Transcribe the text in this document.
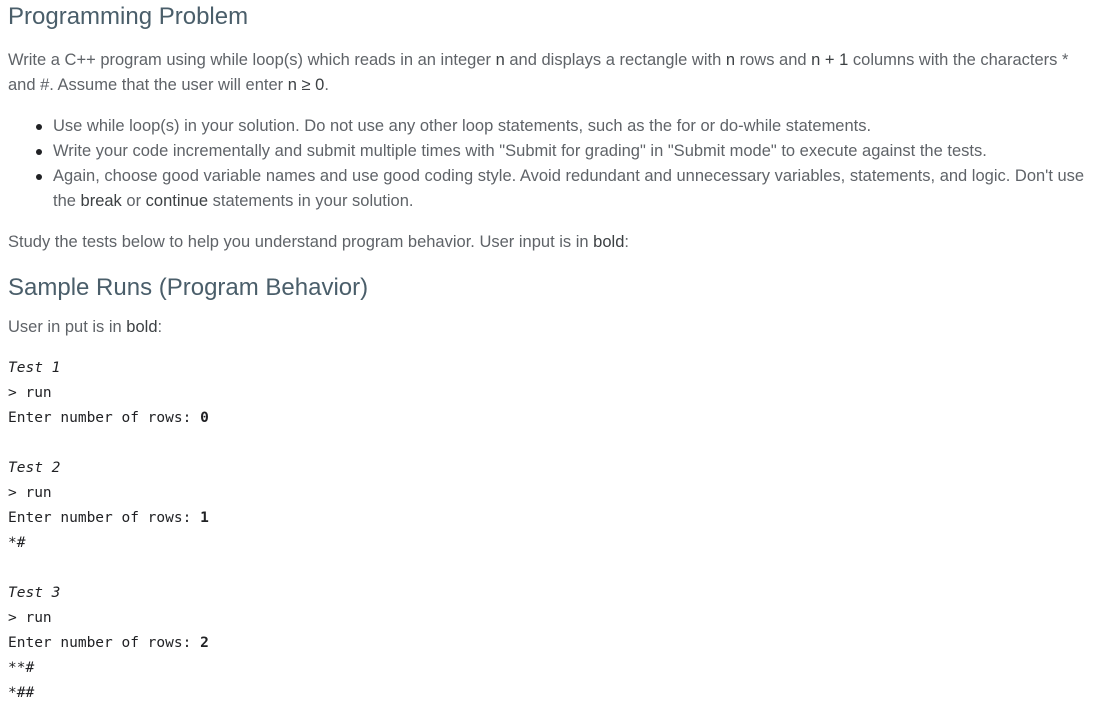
Programming Problem

Write a C++ program using while loop(s) which reads in an integer n and displays a rectangle with n rows and n + 1 columns with the characters * and #. Assume that the user will enter n ≥ 0.

Use while loop(s) in your solution. Do not use any other loop statements, such as the for or do-while statements.
Write your code incrementally and submit multiple times with "Submit for grading" in "Submit mode" to execute against the tests.
Again, choose good variable names and use good coding style. Avoid redundant and unnecessary variables, statements, and logic. Don't use the break or continue statements in your solution.

Study the tests below to help you understand program behavior. User input is in bold:

Sample Runs (Program Behavior)

User in put is in bold:

Test 1
> run
Enter number of rows: 0
Test 2
> run
Enter number of rows: 1
*#
Test 3
> run
Enter number of rows: 2
**#
*##
